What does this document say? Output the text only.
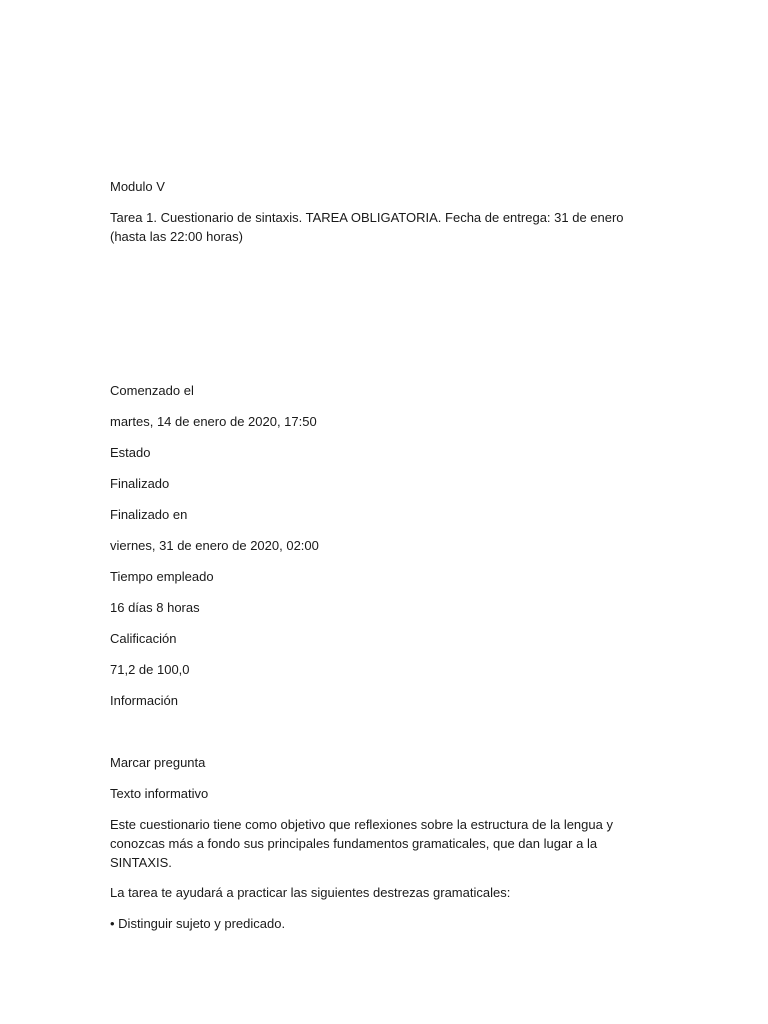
Modulo V

Tarea 1. Cuestionario de sintaxis. TAREA OBLIGATORIA. Fecha de entrega: 31 de enero (hasta las 22:00 horas)

Comenzado el

martes, 14 de enero de 2020, 17:50

Estado

Finalizado

Finalizado en

viernes, 31 de enero de 2020, 02:00

Tiempo empleado

16 días 8 horas

Calificación

71,2 de 100,0

Información

Marcar pregunta

Texto informativo

Este cuestionario tiene como objetivo que reflexiones sobre la estructura de la lengua y conozcas más a fondo sus principales fundamentos gramaticales, que dan lugar a la SINTAXIS.

La tarea te ayudará a practicar las siguientes destrezas gramaticales:

• Distinguir sujeto y predicado.
